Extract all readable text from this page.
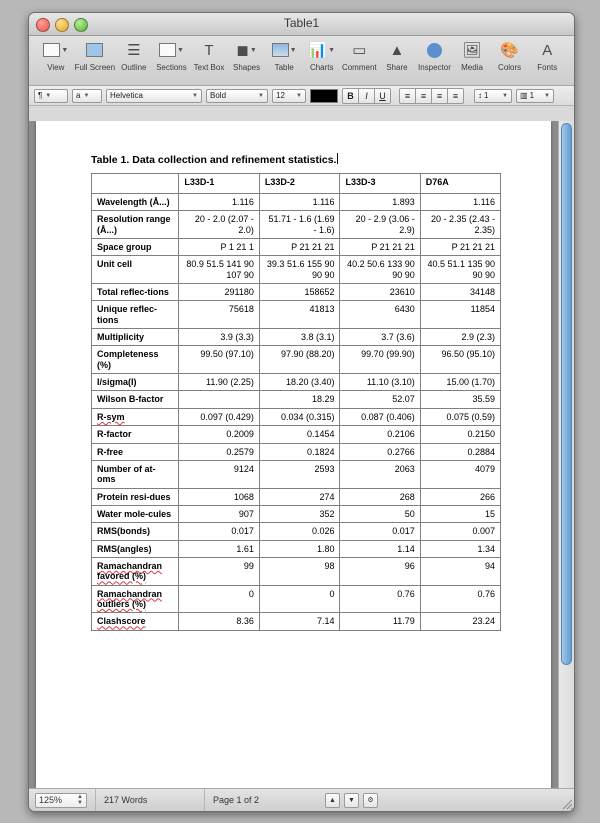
Table1
▼
View Full Screen
☰
Outline
▼
Sections
T
Text Box
◼ ▼
Shapes
▼
Table
📊 ▼
Charts
▭
Comment
▲
Share Inspector
🖼
Media
🎨
Colors
A
Fonts
¶ ▼	a ▼	Helvetica	▼ Bold	▼ 12 ▼	B	I	U	≡	≡	≡	≡	↕ 1 ▼ ▥ 1 ▼
Table 1. Data collection and refinement statistics.
	L33D-1	L33D-2	L33D-3	D76A
Wavelength (Å...)	1.116	1.116	1.893	1.116
Resolution range (Å...)	20 - 2.0 (2.07 - 2.0)	51.71 - 1.6 (1.69 - 1.6)	20 - 2.9 (3.06 - 2.9)	20 - 2.35 (2.43 - 2.35)
Space group	P 1 21 1	P 21 21 21	P 21 21 21	P 21 21 21
Unit cell	80.9 51.5 141 90 107 90	39.3 51.6 155 90 90 90	40.2 50.6 133 90 90 90	40.5 51.1 135 90 90 90
Total reflec-tions	291180	158652	23610	34148
Unique reflec-tions	75618	41813	6430	11854
Multiplicity	3.9 (3.3)	3.8 (3.1)	3.7 (3.6)	2.9 (2.3)
Completeness (%)	99.50 (97.10)	97.90 (88.20)	99.70 (99.90)	96.50 (95.10)
I/sigma(I)	11.90 (2.25)	18.20 (3.40)	11.10 (3.10)	15.00 (1.70)
Wilson B-factor		18.29	52.07	35.59
R-sym	0.097 (0.429)	0.034 (0.315)	0.087 (0.406)	0.075 (0.59)
R-factor	0.2009	0.1454	0.2106	0.2150
R-free	0.2579	0.1824	0.2766	0.2884
Number of at-oms	9124	2593	2063	4079
Protein resi-dues	1068	274	268	266
Water mole-cules	907	352	50	15
RMS(bonds)	0.017	0.026	0.017	0.007
RMS(angles)	1.61	1.80	1.14	1.34
Ramachandran favored (%)	99	98	96	94
Ramachandran outliers (%)	0	0	0.76	0.76
Clashscore	8.36	7.14	11.79	23.24
125%	▲
▼ 217 Words	Page 1 of 2	▲	▼	⚙
